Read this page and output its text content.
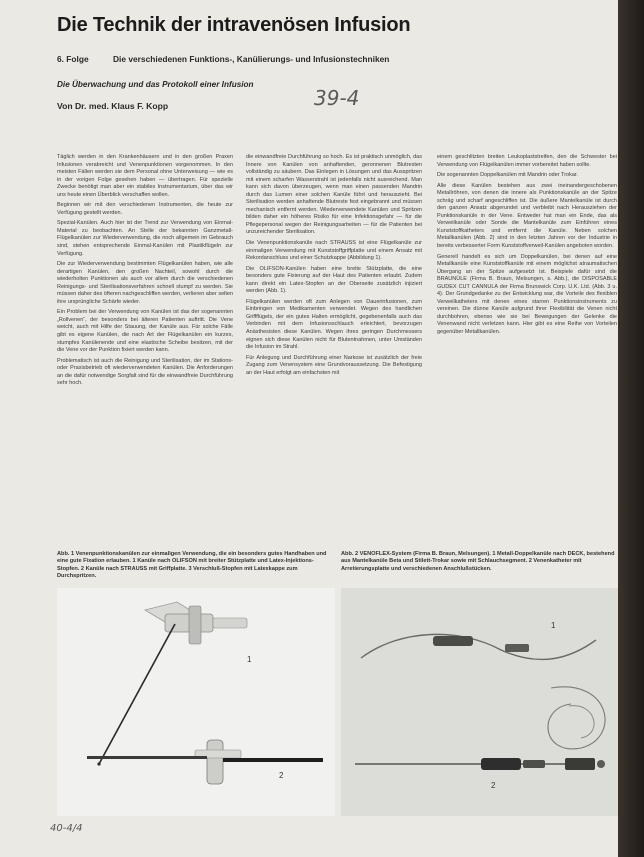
Die Technik der intravenösen Infusion
6. Folge	Die verschiedenen Funktions-, Kanülierungs- und Infusionstechniken
Die Überwachung und das Protokoll einer Infusion
Von Dr. med. Klaus F. Kopp	39-4

Täglich werden in den Krankenhäusern und in den großen Praxen Infusionen verabreicht und Venenpunktionen vorgenommen. In den meisten Fällen werden sie dem Personal ohne Unterweisung — wie es in der vorigen Folge gesehen haben — übertragen. Für spezielle Zwecke benötigt man aber ein stabiles Instrumentarium, über das wir uns heute einen Überblick verschaffen wollen.

Beginnen wir mit den verschiedenen Instrumenten, die heute zur Verfügung gestellt werden.

Spezial-Kanülen. Auch hier ist der Trend zur Verwendung von Einmal-Material zu beobachten. An Stelle der bekannten Ganzmetall-Flügelkanülen zur Wiederverwendung, die noch allgemein im Gebrauch sind, stehen entsprechende Einmal-Kanülen mit Plastikflügeln zur Verfügung.

Die zur Wiederverwendung bestimmten Flügelkanülen haben, wie alle derartigen Kanülen, den großen Nachteil, sowohl durch die wiederholten Punktionen als auch vor allem durch die verschiedenen Reinigungs- und Sterilisationsverfahren schnell stumpf zu werden. Sie müssen daher des öfteren nachgeschliffen werden, verlieren aber selten ihre ursprüngliche Schärfe wieder.

Ein Problem bei der Verwendung von Kanülen ist das der sogenannten „Rollvenen“, der besonders bei älteren Patienten auftritt. Die Vene weicht, auch mit Hilfe der Stauung, der Kanüle aus. Für solche Fälle gibt es eigene Kanülen, die nach Art der Flügelkanülen ein kurzes, stumpfes Kanülenende und eine elastische Scheibe besitzen, mit der die Vene vor der Punktion fixiert werden kann.

Problematisch ist auch die Reinigung und Sterilisation, der im Stations- oder Praxisbetrieb oft wiederverwendeten Kanülen. Die Anforderungen an die dafür notwendige Sorgfalt sind für die einwandfreie Durchführung sehr hoch.

die einwandfreie Durchführung so hoch. Es ist praktisch unmöglich, das Innere von Kanülen von anhaftenden, geronnenen Blutresten vollständig zu säubern. Das Einlegen in Lösungen und das Ausspritzen mit einem scharfen Wasserstrahl ist jedenfalls nicht ausreichend. Man kann sich davon überzeugen, wenn man einen passenden Mandrin durch das Lumen einer solchen Kanüle führt und herauszieht. Bei Sterilisation werden anhaftende Blutreste fest eingebrannt und müssen mechanisch entfernt werden. Wiederverwendete Kanülen und Spritzen bilden daher ein höheres Risiko für eine Infektionsgefahr — für die Pflegepersonal wegen der Reinigungsarbeiten — für die Patienten bei unzureichender Sterilisation.

Die Venenpunktionskanüle nach STRAUSS ist eine Flügelkanüle zur einmaligen Verwendung mit Kunststoffgriffplatte und einem Ansatz mit Rekordanschluss und einer Schutzkappe (Abbildung 1).

Die OLIFSON-Kanülen haben eine breite Stützplatte, die eine besonders gute Fixierung auf der Haut des Patienten erlaubt. Zudem kann direkt ein Latex-Stopfen an der Oberseite zusätzlich injiziert werden (Abb. 1).

Flügelkanülen werden oft zum Anlegen von Dauerinfusionen, zum Einbringen von Medikamenten verwendet. Wegen des handlichen Griffflügels, der ein gutes Halten ermöglicht, gegebenenfalls auch das Verbinden mit dem Infusionsschlauch erleichtert, bevorzugen Anästhesisten diese Kanülen. Wegen ihres geringen Durchmessers eignen sich diese Kanülen nicht für Blutentnahmen, unter Umständen die Infusion im Strahl.

Für Anlegung und Durchführung einer Narkose ist zusätzlich der freie Zugang zum Venensystem eine Grundvoraussetzung. Die Befestigung an der Haut erfolgt am einfachsten mit

einem geschlitzten breiten Leukoplaststreifen, den die Schwester bei Verwendung von Flügelkanülen immer vorbereitet haben sollte.

Die sogenannten Doppelkanülen mit Mandrin oder Trokar.

Alle diese Kanülen bestehen aus zwei ineinandergeschobenen Metallröhren, von denen die innere als Punktionskanüle an der Spitze schräg und scharf angeschliffen ist. Die äußere Mantelkanüle ist durch den ganzen Ansatz abgerundet und verbleibt nach Herausziehen der Punktionskanüle in der Vene. Entweder hat man ein Ende, das als Verweilkanüle oder Sonde die Mantelkanüle zum Einführen eines Kunststoffkatheters und entfernt die Kanüle. Neben solchen Metallkanülen (Abb. 2) sind in den letzten Jahren vor der Industrie in bereits verbesserter Form Kunststoffverweil-Kanülen angeboten worden.

Generell handelt es sich um Doppelkanülen, bei denen auf eine Metallkanüle eine Kunststoffkanüle mit einem möglichst atraumatischen Übergang an der Spitze aufgesetzt ist. Beispiele dafür sind die BRAUNÜLE (Firma B. Braun, Melsungen, s. Abb.), die DISPOSABLE GUDEX CUT CANNULA der Firma Brunswick Corp. U.K. Ltd. (Abb. 3 u. 4). Der Grundgedanke zu der Entwicklung war, die Vorteile des flexiblen Verweilkatheters mit denen eines starren Punktionsinstruments zu vereinen. Die dünne Kanüle aufgrund ihrer Flexibilität die Venen nicht durchbohren, ebenso wie sie bei Bewegungen der Gelenke die Venenwand nicht verletzen kann. Hier gibt es eine Reihe von Vorteilen gegenüber Metallkanülen.

Abb. 1 Venenpunktionskanülen zur einmaligen Verwendung, die ein besonders gutes Handhaben und eine gute Fixation erlauben. 1 Kanüle nach OLIFSON mit breiter Stützplatte und Latex-Injektions-Stopfen. 2 Kanüle nach STRAUSS mit Griffplatte. 3 Verschluß-Stopfen mit Latexkappe zum Durchspritzen.
Abb. 2 VENOFLEX-System (Firma B. Braun, Melsungen). 1 Metall-Doppelkanüle nach DECK, bestehend aus Mantelkanüle Beta und Stilett-Trokar sowie mit Schlauchsegment. 2 Venenkatheter mit Arretierungsplatte und verschiedenen Anschlußstücken.
1
2
1
2
40-4/4
